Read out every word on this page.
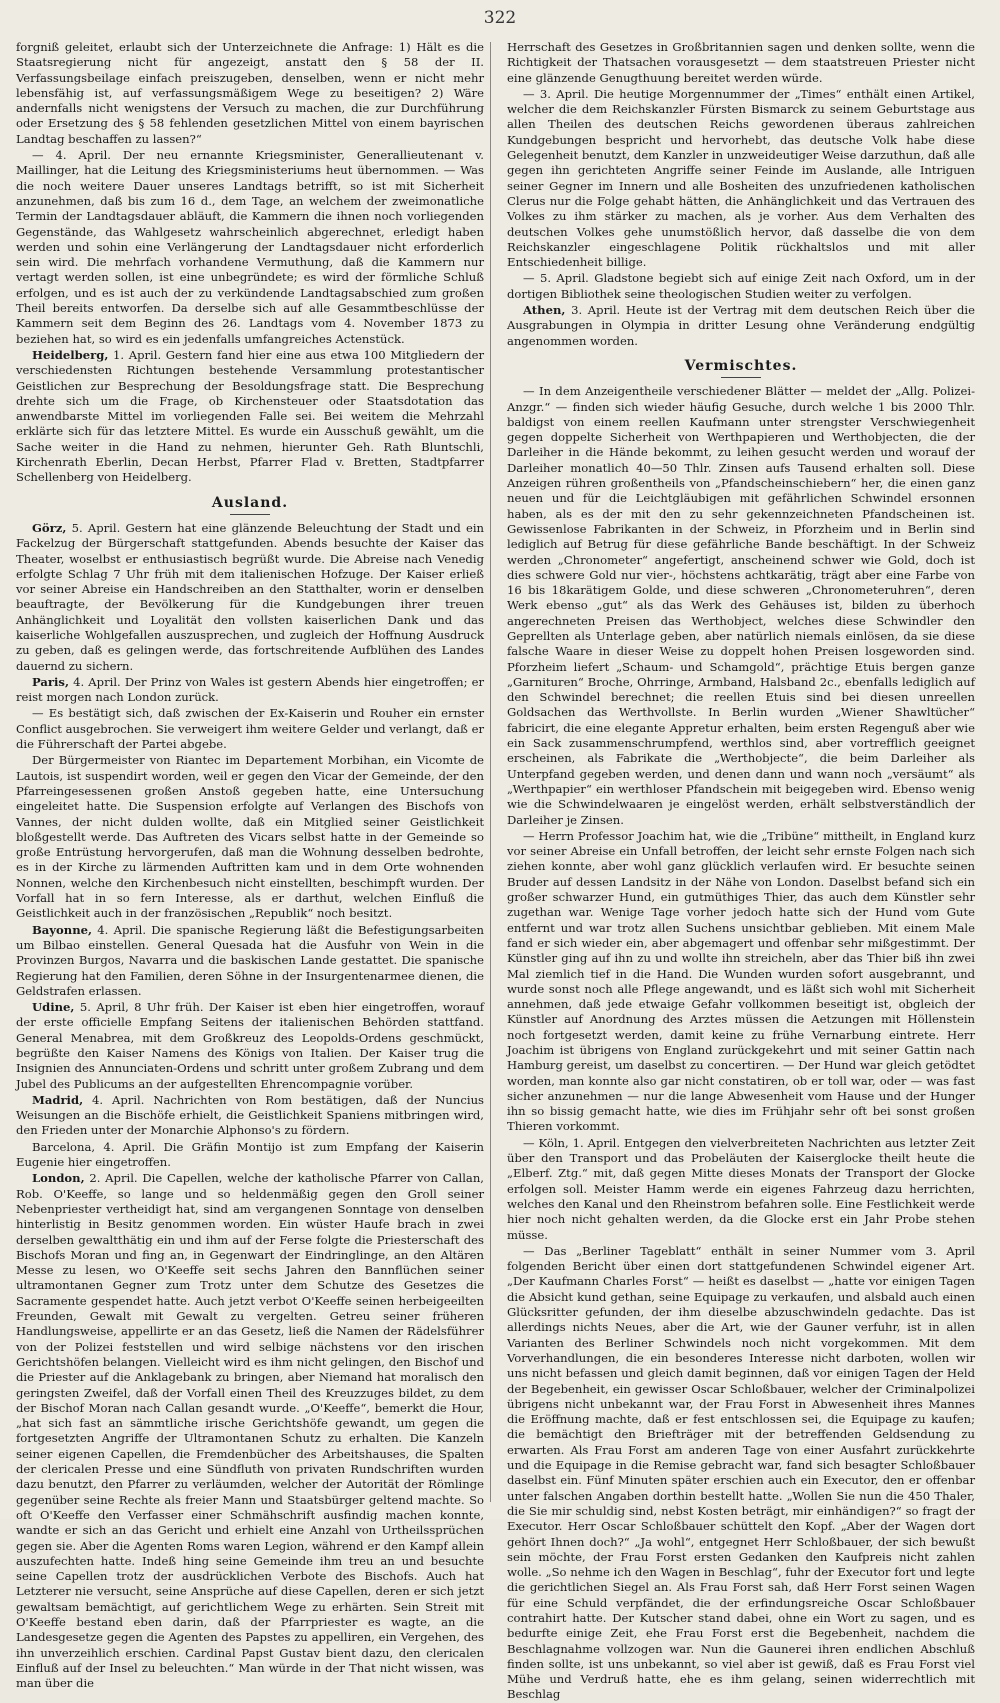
322

forgniß geleitet, erlaubt sich der Unterzeichnete die Anfrage: 1) Hält es die Staatsregierung nicht für angezeigt, anstatt den § 58 der II. Verfassungsbeilage einfach preiszugeben, denselben, wenn er nicht mehr lebensfähig ist, auf verfassungsmäßigem Wege zu beseitigen? 2) Wäre andernfalls nicht wenigstens der Versuch zu machen, die zur Durchführung oder Ersetzung des § 58 fehlenden gesetzlichen Mittel von einem bayrischen Landtag beschaffen zu lassen?“

— 4. April. Der neu ernannte Kriegsminister, Generallieutenant v. Maillinger, hat die Leitung des Kriegsministeriums heut übernommen. — Was die noch weitere Dauer unseres Landtags betrifft, so ist mit Sicherheit anzunehmen, daß bis zum 16 d., dem Tage, an welchem der zweimonatliche Termin der Landtagsdauer abläuft, die Kammern die ihnen noch vorliegenden Gegenstände, das Wahlgesetz wahrscheinlich abgerechnet, erledigt haben werden und sohin eine Verlängerung der Landtagsdauer nicht erforderlich sein wird. Die mehrfach vorhandene Vermuthung, daß die Kammern nur vertagt werden sollen, ist eine unbegründete; es wird der förmliche Schluß erfolgen, und es ist auch der zu verkündende Landtagsabschied zum großen Theil bereits entworfen. Da derselbe sich auf alle Gesammtbeschlüsse der Kammern seit dem Beginn des 26. Landtags vom 4. November 1873 zu beziehen hat, so wird es ein jedenfalls umfangreiches Actenstück.

Heidelberg, 1. April. Gestern fand hier eine aus etwa 100 Mitgliedern der verschiedensten Richtungen bestehende Versammlung protestantischer Geistlichen zur Besprechung der Besoldungsfrage statt. Die Besprechung drehte sich um die Frage, ob Kirchensteuer oder Staatsdotation das anwendbarste Mittel im vorliegenden Falle sei. Bei weitem die Mehrzahl erklärte sich für das letztere Mittel. Es wurde ein Ausschuß gewählt, um die Sache weiter in die Hand zu nehmen, hierunter Geh. Rath Bluntschli, Kirchenrath Eberlin, Decan Herbst, Pfarrer Flad v. Bretten, Stadtpfarrer Schellenberg von Heidelberg.

Ausland.

Görz, 5. April. Gestern hat eine glänzende Beleuchtung der Stadt und ein Fackelzug der Bürgerschaft stattgefunden. Abends besuchte der Kaiser das Theater, woselbst er enthusiastisch begrüßt wurde. Die Abreise nach Venedig erfolgte Schlag 7 Uhr früh mit dem italienischen Hofzuge. Der Kaiser erließ vor seiner Abreise ein Handschreiben an den Statthalter, worin er denselben beauftragte, der Bevölkerung für die Kundgebungen ihrer treuen Anhänglichkeit und Loyalität den vollsten kaiserlichen Dank und das kaiserliche Wohlgefallen auszusprechen, und zugleich der Hoffnung Ausdruck zu geben, daß es gelingen werde, das fortschreitende Aufblühen des Landes dauernd zu sichern.

Paris, 4. April. Der Prinz von Wales ist gestern Abends hier eingetroffen; er reist morgen nach London zurück.

— Es bestätigt sich, daß zwischen der Ex-Kaiserin und Rouher ein ernster Conflict ausgebrochen. Sie verweigert ihm weitere Gelder und verlangt, daß er die Führerschaft der Partei abgebe.

Der Bürgermeister von Riantec im Departement Morbihan, ein Vicomte de Lautois, ist suspendirt worden, weil er gegen den Vicar der Gemeinde, der den Pfarreingesessenen großen Anstoß gegeben hatte, eine Untersuchung eingeleitet hatte. Die Suspension erfolgte auf Verlangen des Bischofs von Vannes, der nicht dulden wollte, daß ein Mitglied seiner Geistlichkeit bloßgestellt werde. Das Auftreten des Vicars selbst hatte in der Gemeinde so große Entrüstung hervorgerufen, daß man die Wohnung desselben bedrohte, es in der Kirche zu lärmenden Auftritten kam und in dem Orte wohnenden Nonnen, welche den Kirchenbesuch nicht einstellten, beschimpft wurden. Der Vorfall hat in so fern Interesse, als er darthut, welchen Einfluß die Geistlichkeit auch in der französischen „Republik“ noch besitzt.

Bayonne, 4. April. Die spanische Regierung läßt die Befestigungsarbeiten um Bilbao einstellen. General Quesada hat die Ausfuhr von Wein in die Provinzen Burgos, Navarra und die baskischen Lande gestattet. Die spanische Regierung hat den Familien, deren Söhne in der Insurgentenarmee dienen, die Geldstrafen erlassen.

Udine, 5. April, 8 Uhr früh. Der Kaiser ist eben hier eingetroffen, worauf der erste officielle Empfang Seitens der italienischen Behörden stattfand. General Menabrea, mit dem Großkreuz des Leopolds-Ordens geschmückt, begrüßte den Kaiser Namens des Königs von Italien. Der Kaiser trug die Insignien des Annunciaten-Ordens und schritt unter großem Zubrang und dem Jubel des Publicums an der aufgestellten Ehrencompagnie vorüber.

Madrid, 4. April. Nachrichten von Rom bestätigen, daß der Nuncius Weisungen an die Bischöfe erhielt, die Geistlichkeit Spaniens mitbringen wird, den Frieden unter der Monarchie Alphonso's zu fördern.

Barcelona, 4. April. Die Gräfin Montijo ist zum Empfang der Kaiserin Eugenie hier eingetroffen.

London, 2. April. Die Capellen, welche der katholische Pfarrer von Callan, Rob. O'Keeffe, so lange und so heldenmäßig gegen den Groll seiner Nebenpriester vertheidigt hat, sind am vergangenen Sonntage von denselben hinterlistig in Besitz genommen worden. Ein wüster Haufe brach in zwei derselben gewaltthätig ein und ihm auf der Ferse folgte die Priesterschaft des Bischofs Moran und fing an, in Gegenwart der Eindringlinge, an den Altären Messe zu lesen, wo O'Keeffe seit sechs Jahren den Bannflüchen seiner ultramontanen Gegner zum Trotz unter dem Schutze des Gesetzes die Sacramente gespendet hatte. Auch jetzt verbot O'Keeffe seinen herbeigeeilten Freunden, Gewalt mit Gewalt zu vergelten. Getreu seiner früheren Handlungsweise, appellirte er an das Gesetz, ließ die Namen der Rädelsführer von der Polizei feststellen und wird selbige nächstens vor den irischen Gerichtshöfen belangen. Vielleicht wird es ihm nicht gelingen, den Bischof und die Priester auf die Anklagebank zu bringen, aber Niemand hat moralisch den geringsten Zweifel, daß der Vorfall einen Theil des Kreuzzuges bildet, zu dem der Bischof Moran nach Callan gesandt wurde. „O'Keeffe“, bemerkt die Hour, „hat sich fast an sämmtliche irische Gerichtshöfe gewandt, um gegen die fortgesetzten Angriffe der Ultramontanen Schutz zu erhalten. Die Kanzeln seiner eigenen Capellen, die Fremdenbücher des Arbeitshauses, die Spalten der clericalen Presse und eine Sündfluth von privaten Rundschriften wurden dazu benutzt, den Pfarrer zu verläumden, welcher der Autorität der Römlinge gegenüber seine Rechte als freier Mann und Staatsbürger geltend machte. So oft O'Keeffe den Verfasser einer Schmähschrift ausfindig machen konnte, wandte er sich an das Gericht und erhielt eine Anzahl von Urtheilssprüchen gegen sie. Aber die Agenten Roms waren Legion, während er den Kampf allein auszufechten hatte. Indeß hing seine Gemeinde ihm treu an und besuchte seine Capellen trotz der ausdrücklichen Verbote des Bischofs. Auch hat Letzterer nie versucht, seine Ansprüche auf diese Capellen, deren er sich jetzt gewaltsam bemächtigt, auf gerichtlichem Wege zu erhärten. Sein Streit mit O'Keeffe bestand eben darin, daß der Pfarrpriester es wagte, an die Landesgesetze gegen die Agenten des Papstes zu appelliren, ein Vergehen, des ihn unverzeihlich erschien. Cardinal Papst Gustav bient dazu, den clericalen Einfluß auf der Insel zu beleuchten.“ Man würde in der That nicht wissen, was man über die

Herrschaft des Gesetzes in Großbritannien sagen und denken sollte, wenn die Richtigkeit der Thatsachen vorausgesetzt — dem staatstreuen Priester nicht eine glänzende Genugthuung bereitet werden würde.

— 3. April. Die heutige Morgennummer der „Times“ enthält einen Artikel, welcher die dem Reichskanzler Fürsten Bismarck zu seinem Geburtstage aus allen Theilen des deutschen Reichs gewordenen überaus zahlreichen Kundgebungen bespricht und hervorhebt, das deutsche Volk habe diese Gelegenheit benutzt, dem Kanzler in unzweideutiger Weise darzuthun, daß alle gegen ihn gerichteten Angriffe seiner Feinde im Auslande, alle Intriguen seiner Gegner im Innern und alle Bosheiten des unzufriedenen katholischen Clerus nur die Folge gehabt hätten, die Anhänglichkeit und das Vertrauen des Volkes zu ihm stärker zu machen, als je vorher. Aus dem Verhalten des deutschen Volkes gehe unumstößlich hervor, daß dasselbe die von dem Reichskanzler eingeschlagene Politik rückhaltslos und mit aller Entschiedenheit billige.

— 5. April. Gladstone begiebt sich auf einige Zeit nach Oxford, um in der dortigen Bibliothek seine theologischen Studien weiter zu verfolgen.

Athen, 3. April. Heute ist der Vertrag mit dem deutschen Reich über die Ausgrabungen in Olympia in dritter Lesung ohne Veränderung endgültig angenommen worden.

Vermischtes.

— In dem Anzeigentheile verschiedener Blätter — meldet der „Allg. Polizei-Anzgr.“ — finden sich wieder häufig Gesuche, durch welche 1 bis 2000 Thlr. baldigst von einem reellen Kaufmann unter strengster Verschwiegenheit gegen doppelte Sicherheit von Werthpapieren und Werthobjecten, die der Darleiher in die Hände bekommt, zu leihen gesucht werden und worauf der Darleiher monatlich 40—50 Thlr. Zinsen aufs Tausend erhalten soll. Diese Anzeigen rühren großentheils von „Pfandscheinschiebern“ her, die einen ganz neuen und für die Leichtgläubigen mit gefährlichen Schwindel ersonnen haben, als es der mit den zu sehr gekennzeichneten Pfandscheinen ist. Gewissenlose Fabrikanten in der Schweiz, in Pforzheim und in Berlin sind lediglich auf Betrug für diese gefährliche Bande beschäftigt. In der Schweiz werden „Chronometer“ angefertigt, anscheinend schwer wie Gold, doch ist dies schwere Gold nur vier-, höchstens achtkarätig, trägt aber eine Farbe von 16 bis 18karätigem Golde, und diese schweren „Chronometeruhren“, deren Werk ebenso „gut“ als das Werk des Gehäuses ist, bilden zu überhoch angerechneten Preisen das Werthobject, welches diese Schwindler den Geprellten als Unterlage geben, aber natürlich niemals einlösen, da sie diese falsche Waare in dieser Weise zu doppelt hohen Preisen losgeworden sind. Pforzheim liefert „Schaum- und Schamgold“, prächtige Etuis bergen ganze „Garnituren“ Broche, Ohrringe, Armband, Halsband 2c., ebenfalls lediglich auf den Schwindel berechnet; die reellen Etuis sind bei diesen unreellen Goldsachen das Werthvollste. In Berlin wurden „Wiener Shawltücher“ fabricirt, die eine elegante Appretur erhalten, beim ersten Regenguß aber wie ein Sack zusammenschrumpfend, werthlos sind, aber vortrefflich geeignet erscheinen, als Fabrikate die „Werthobjecte“, die beim Darleiher als Unterpfand gegeben werden, und denen dann und wann noch „versäumt“ als „Werthpapier“ ein werthloser Pfandschein mit beigegeben wird. Ebenso wenig wie die Schwindelwaaren je eingelöst werden, erhält selbstverständlich der Darleiher je Zinsen.

— Herrn Professor Joachim hat, wie die „Tribüne“ mittheilt, in England kurz vor seiner Abreise ein Unfall betroffen, der leicht sehr ernste Folgen nach sich ziehen konnte, aber wohl ganz glücklich verlaufen wird. Er besuchte seinen Bruder auf dessen Landsitz in der Nähe von London. Daselbst befand sich ein großer schwarzer Hund, ein gutmüthiges Thier, das auch dem Künstler sehr zugethan war. Wenige Tage vorher jedoch hatte sich der Hund vom Gute entfernt und war trotz allen Suchens unsichtbar geblieben. Mit einem Male fand er sich wieder ein, aber abgemagert und offenbar sehr mißgestimmt. Der Künstler ging auf ihn zu und wollte ihn streicheln, aber das Thier biß ihn zwei Mal ziemlich tief in die Hand. Die Wunden wurden sofort ausgebrannt, und wurde sonst noch alle Pflege angewandt, und es läßt sich wohl mit Sicherheit annehmen, daß jede etwaige Gefahr vollkommen beseitigt ist, obgleich der Künstler auf Anordnung des Arztes müssen die Aetzungen mit Höllenstein noch fortgesetzt werden, damit keine zu frühe Vernarbung eintrete. Herr Joachim ist übrigens von England zurückgekehrt und mit seiner Gattin nach Hamburg gereist, um daselbst zu concertiren. — Der Hund war gleich getödtet worden, man konnte also gar nicht constatiren, ob er toll war, oder — was fast sicher anzunehmen — nur die lange Abwesenheit vom Hause und der Hunger ihn so bissig gemacht hatte, wie dies im Frühjahr sehr oft bei sonst großen Thieren vorkommt.

— Köln, 1. April. Entgegen den vielverbreiteten Nachrichten aus letzter Zeit über den Transport und das Probeläuten der Kaiserglocke theilt heute die „Elberf. Ztg.“ mit, daß gegen Mitte dieses Monats der Transport der Glocke erfolgen soll. Meister Hamm werde ein eigenes Fahrzeug dazu herrichten, welches den Kanal und den Rheinstrom befahren solle. Eine Festlichkeit werde hier noch nicht gehalten werden, da die Glocke erst ein Jahr Probe stehen müsse.

— Das „Berliner Tageblatt“ enthält in seiner Nummer vom 3. April folgenden Bericht über einen dort stattgefundenen Schwindel eigener Art. „Der Kaufmann Charles Forst“ — heißt es daselbst — „hatte vor einigen Tagen die Absicht kund gethan, seine Equipage zu verkaufen, und alsbald auch einen Glücksritter gefunden, der ihm dieselbe abzuschwindeln gedachte. Das ist allerdings nichts Neues, aber die Art, wie der Gauner verfuhr, ist in allen Varianten des Berliner Schwindels noch nicht vorgekommen. Mit dem Vorverhandlungen, die ein besonderes Interesse nicht darboten, wollen wir uns nicht befassen und gleich damit beginnen, daß vor einigen Tagen der Held der Begebenheit, ein gewisser Oscar Schloßbauer, welcher der Criminalpolizei übrigens nicht unbekannt war, der Frau Forst in Abwesenheit ihres Mannes die Eröffnung machte, daß er fest entschlossen sei, die Equipage zu kaufen; die bemächtigt den Briefträger mit der betreffenden Geldsendung zu erwarten. Als Frau Forst am anderen Tage von einer Ausfahrt zurückkehrte und die Equipage in die Remise gebracht war, fand sich besagter Schloßbauer daselbst ein. Fünf Minuten später erschien auch ein Executor, den er offenbar unter falschen Angaben dorthin bestellt hatte. „Wollen Sie nun die 450 Thaler, die Sie mir schuldig sind, nebst Kosten beträgt, mir einhändigen?“ so fragt der Executor. Herr Oscar Schloßbauer schüttelt den Kopf. „Aber der Wagen dort gehört Ihnen doch?“ „Ja wohl“, entgegnet Herr Schloßbauer, der sich bewußt sein möchte, der Frau Forst ersten Gedanken den Kaufpreis nicht zahlen wolle. „So nehme ich den Wagen in Beschlag“, fuhr der Executor fort und legte die gerichtlichen Siegel an. Als Frau Forst sah, daß Herr Forst seinen Wagen für eine Schuld verpfändet, die der erfindungsreiche Oscar Schloßbauer contrahirt hatte. Der Kutscher stand dabei, ohne ein Wort zu sagen, und es bedurfte einige Zeit, ehe Frau Forst erst die Begebenheit, nachdem die Beschlagnahme vollzogen war. Nun die Gaunerei ihren endlichen Abschluß finden sollte, ist uns unbekannt, so viel aber ist gewiß, daß es Frau Forst viel Mühe und Verdruß hatte, ehe es ihm gelang, seinen widerrechtlich mit Beschlag
